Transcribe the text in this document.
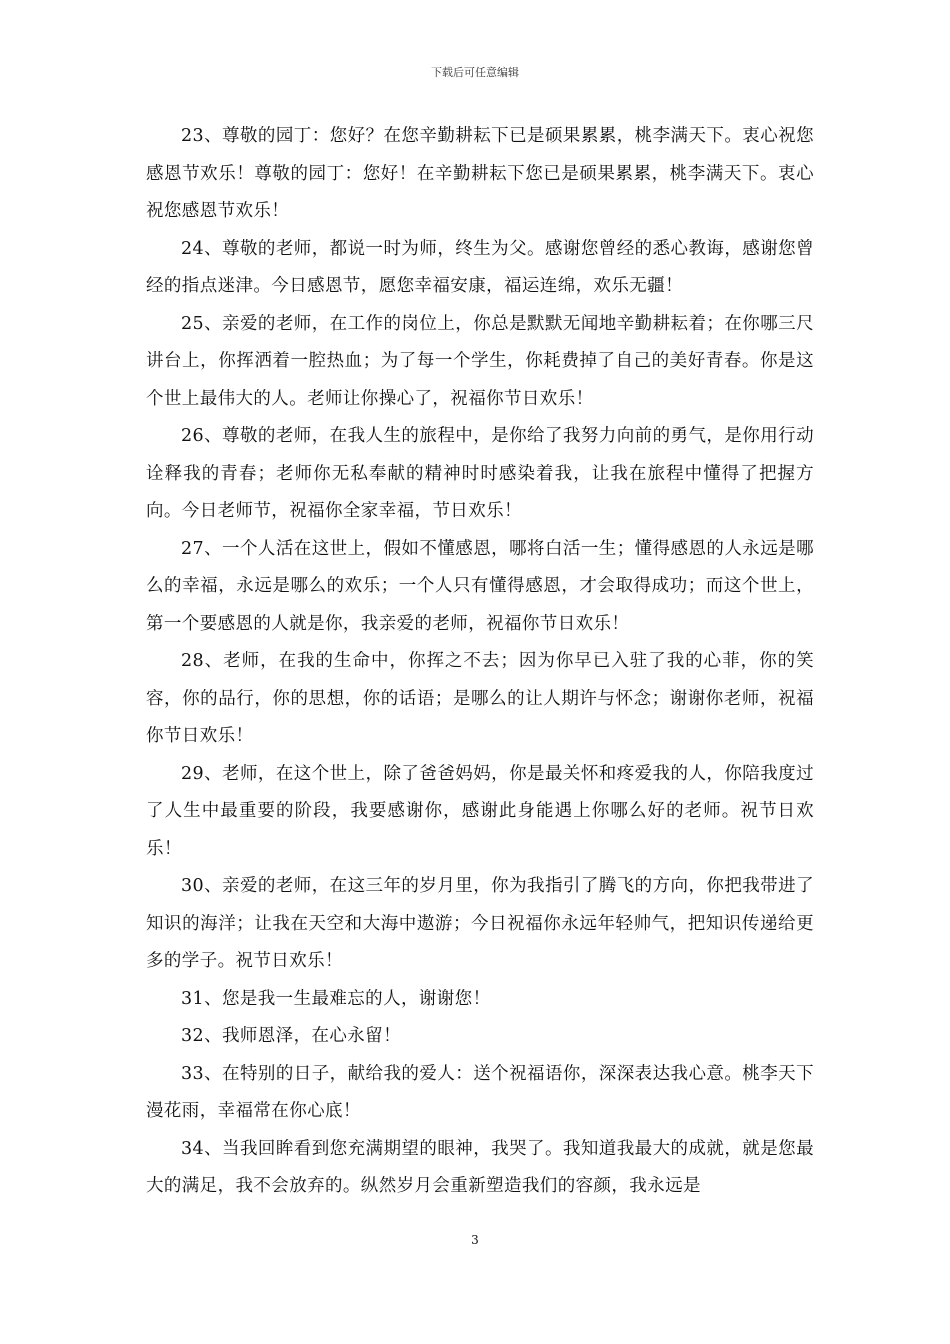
下载后可任意编辑

23、尊敬的园丁：您好？在您辛勤耕耘下已是硕果累累，桃李满天下。衷心祝您感恩节欢乐！尊敬的园丁：您好！在辛勤耕耘下您已是硕果累累，桃李满天下。衷心祝您感恩节欢乐！

24、尊敬的老师，都说一时为师，终生为父。感谢您曾经的悉心教诲，感谢您曾经的指点迷津。今日感恩节，愿您幸福安康，福运连绵，欢乐无疆！

25、亲爱的老师，在工作的岗位上，你总是默默无闻地辛勤耕耘着；在你哪三尺讲台上，你挥洒着一腔热血；为了每一个学生，你耗费掉了自己的美好青春。你是这个世上最伟大的人。老师让你操心了，祝福你节日欢乐！

26、尊敬的老师，在我人生的旅程中，是你给了我努力向前的勇气，是你用行动诠释我的青春；老师你无私奉献的精神时时感染着我，让我在旅程中懂得了把握方向。今日老师节，祝福你全家幸福，节日欢乐！

27、一个人活在这世上，假如不懂感恩，哪将白活一生；懂得感恩的人永远是哪么的幸福，永远是哪么的欢乐；一个人只有懂得感恩，才会取得成功；而这个世上，第一个要感恩的人就是你，我亲爱的老师，祝福你节日欢乐！

28、老师，在我的生命中，你挥之不去；因为你早已入驻了我的心菲，你的笑容，你的品行，你的思想，你的话语；是哪么的让人期许与怀念；谢谢你老师，祝福你节日欢乐！

29、老师，在这个世上，除了爸爸妈妈，你是最关怀和疼爱我的人，你陪我度过了人生中最重要的阶段，我要感谢你，感谢此身能遇上你哪么好的老师。祝节日欢乐！

30、亲爱的老师，在这三年的岁月里，你为我指引了腾飞的方向，你把我带进了知识的海洋；让我在天空和大海中遨游；今日祝福你永远年轻帅气，把知识传递给更多的学子。祝节日欢乐！

31、您是我一生最难忘的人，谢谢您！

32、我师恩泽，在心永留！

33、在特别的日子，献给我的爱人：送个祝福语你，深深表达我心意。桃李天下漫花雨，幸福常在你心底！

34、当我回眸看到您充满期望的眼神，我哭了。我知道我最大的成就，就是您最大的满足，我不会放弃的。纵然岁月会重新塑造我们的容颜，我永远是

3
